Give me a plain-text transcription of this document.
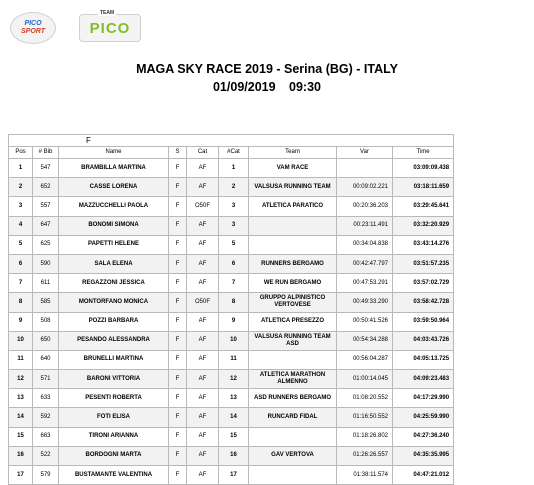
PICO
SPORT
TEAM
PICO
MAGA SKY RACE 2019 - Serina (BG) - ITALY
01/09/2019 09:30
F								
Pos	# Bib	Name	S	Cat	#Cat	Team	Var	Time
1	547	BRAMBILLA MARTINA	F	AF	1	VAM RACE		03:09:09.438
2	652	CASSE LORENA	F	AF	2	VALSUSA RUNNING TEAM	00:09:02.221	03:18:11.659
3	557	MAZZUCCHELLI PAOLA	F	O50F	3	ATLETICA PARATICO	00:20:36.203	03:29:45.641
4	647	BONOMI SIMONA	F	AF	3		00:23:11.491	03:32:20.929
5	625	PAPETTI HELENE	F	AF	5		00:34:04.838	03:43:14.276
6	590	SALA ELENA	F	AF	6	RUNNERS BERGAMO	00:42:47.797	03:51:57.235
7	611	REGAZZONI JESSICA	F	AF	7	WE RUN BERGAMO	00:47:53.291	03:57:02.729
8	585	MONTORFANO MONICA	F	O50F	8	GRUPPO ALPINISTICO VERTOVESE	00:49:33.290	03:58:42.728
9	508	POZZI BARBARA	F	AF	9	ATLETICA PRESEZZO	00:50:41.526	03:59:50.964
10	650	PESANDO ALESSANDRA	F	AF	10	VALSUSA RUNNING TEAM ASD	00:54:34.288	04:03:43.726
11	640	BRUNELLI MARTINA	F	AF	11		00:56:04.287	04:05:13.725
12	571	BARONI VITTORIA	F	AF	12	ATLETICA MARATHON ALMENNO	01:00:14.045	04:09:23.483
13	633	PESENTI ROBERTA	F	AF	13	ASD RUNNERS BERGAMO	01:08:20.552	04:17:29.990
14	592	FOTI ELISA	F	AF	14	RUNCARD FIDAL	01:16:50.552	04:25:59.990
15	663	TIRONI ARIANNA	F	AF	15		01:18:26.802	04:27:36.240
16	522	BORDOGNI MARTA	F	AF	16	GAV VERTOVA	01:26:26.557	04:35:35.995
17	579	BUSTAMANTE VALENTINA	F	AF	17		01:38:11.574	04:47:21.012
